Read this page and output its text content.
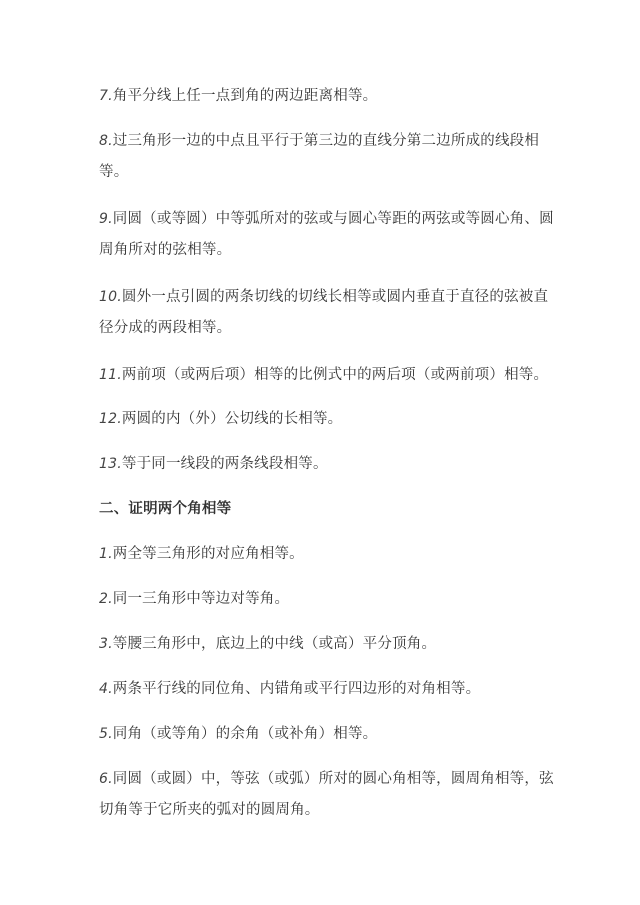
7.角平分线上任一点到角的两边距离相等。
8.过三角形一边的中点且平行于第三边的直线分第二边所成的线段相
等。
9.同圆（或等圆）中等弧所对的弦或与圆心等距的两弦或等圆心角、圆
周角所对的弦相等。
10.圆外一点引圆的两条切线的切线长相等或圆内垂直于直径的弦被直
径分成的两段相等。
11.两前项（或两后项）相等的比例式中的两后项（或两前项）相等。
12.两圆的内（外）公切线的长相等。
13.等于同一线段的两条线段相等。
二、证明两个角相等
1.两全等三角形的对应角相等。
2.同一三角形中等边对等角。
3.等腰三角形中，底边上的中线（或高）平分顶角。
4.两条平行线的同位角、内错角或平行四边形的对角相等。
5.同角（或等角）的余角（或补角）相等。
6.同圆（或圆）中，等弦（或弧）所对的圆心角相等，圆周角相等，弦
切角等于它所夹的弧对的圆周角。
